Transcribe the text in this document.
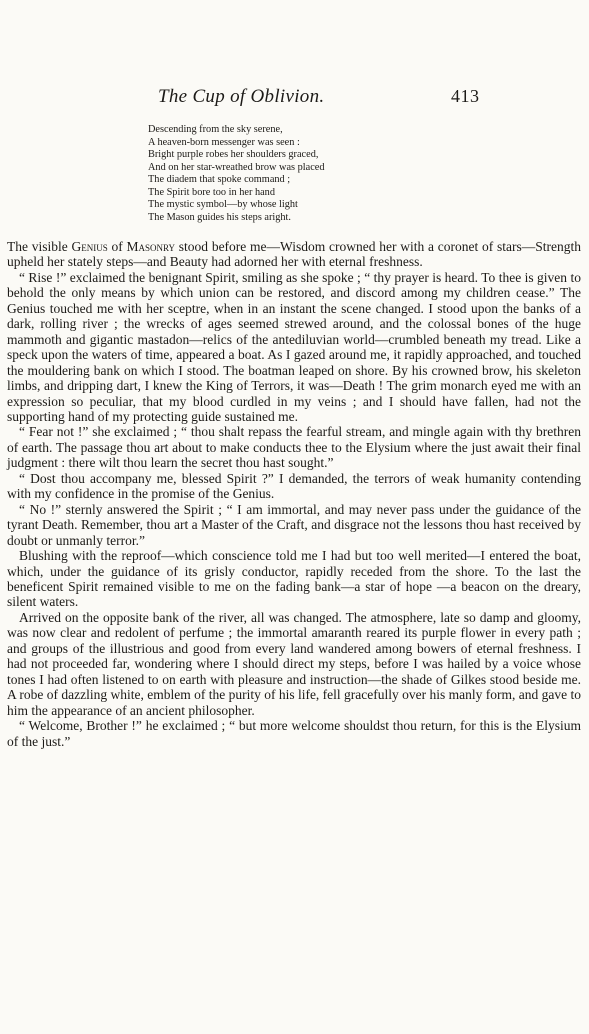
The Cup of Oblivion.	413
Descending from the sky serene,
A heaven-born messenger was seen :
Bright purple robes her shoulders graced,
And on her star-wreathed brow was placed
The diadem that spoke command ;
The Spirit bore too in her hand
The mystic symbol—by whose light
The Mason guides his steps aright.

The visible Genius of Masonry stood before me—Wisdom crowned her with a coronet of stars—Strength upheld her stately steps—and Beauty had adorned her with eternal freshness.

“ Rise !” exclaimed the benignant Spirit, smiling as she spoke ; “ thy prayer is heard. To thee is given to behold the only means by which union can be restored, and discord among my children cease.” The Genius touched me with her sceptre, when in an instant the scene changed. I stood upon the banks of a dark, rolling river ; the wrecks of ages seemed strewed around, and the colossal bones of the huge mammoth and gigantic mastadon—relics of the antediluvian world—crumbled beneath my tread. Like a speck upon the waters of time, appeared a boat. As I gazed around me, it rapidly approached, and touched the mouldering bank on which I stood. The boatman leaped on shore. By his crowned brow, his skeleton limbs, and dripping dart, I knew the King of Terrors, it was—Death ! The grim monarch eyed me with an expression so peculiar, that my blood curdled in my veins ; and I should have fallen, had not the supporting hand of my protecting guide sustained me.

“ Fear not !” she exclaimed ; “ thou shalt repass the fearful stream, and mingle again with thy brethren of earth. The passage thou art about to make conducts thee to the Elysium where the just await their final judgment : there wilt thou learn the secret thou hast sought.”

“ Dost thou accompany me, blessed Spirit ?” I demanded, the terrors of weak humanity contending with my confidence in the promise of the Genius.

“ No !” sternly answered the Spirit ; “ I am immortal, and may never pass under the guidance of the tyrant Death. Remember, thou art a Master of the Craft, and disgrace not the lessons thou hast received by doubt or unmanly terror.”

Blushing with the reproof—which conscience told me I had but too well merited—I entered the boat, which, under the guidance of its grisly conductor, rapidly receded from the shore. To the last the beneficent Spirit remained visible to me on the fading bank—a star of hope —a beacon on the dreary, silent waters.

Arrived on the opposite bank of the river, all was changed. The atmosphere, late so damp and gloomy, was now clear and redolent of perfume ; the immortal amaranth reared its purple flower in every path ; and groups of the illustrious and good from every land wandered among bowers of eternal freshness. I had not proceeded far, wondering where I should direct my steps, before I was hailed by a voice whose tones I had often listened to on earth with pleasure and instruction—the shade of Gilkes stood beside me. A robe of dazzling white, emblem of the purity of his life, fell gracefully over his manly form, and gave to him the appearance of an ancient philosopher.

“ Welcome, Brother !” he exclaimed ; “ but more welcome shouldst thou return, for this is the Elysium of the just.”
